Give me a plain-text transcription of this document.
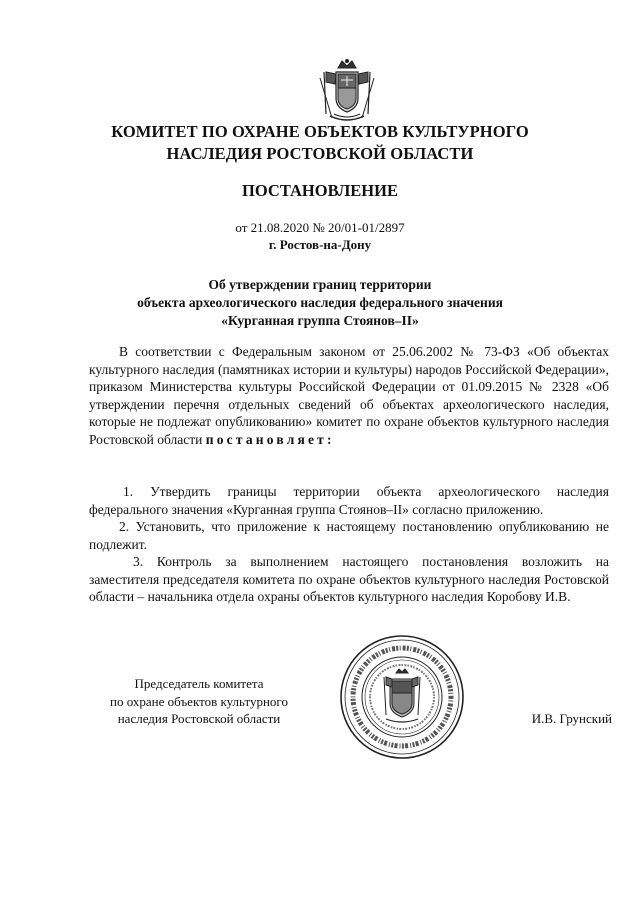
КОМИТЕТ ПО ОХРАНЕ ОБЪЕКТОВ КУЛЬТУРНОГО
НАСЛЕДИЯ РОСТОВСКОЙ ОБЛАСТИ
ПОСТАНОВЛЕНИЕ
от 21.08.2020 № 20/01-01/2897
г. Ростов-на-Дону
Об утверждении границ территории
объекта археологического наследия федерального значения
«Курганная группа Стоянов–II»
В соответствии с Федеральным законом от 25.06.2002 № 73-ФЗ «Об объектах культурного наследия (памятниках истории и культуры) народов Российской Федерации», приказом Министерства культуры Российской Федерации от 01.09.2015 № 2328 «Об утверждении перечня отдельных сведений об объектах археологического наследия, которые не подлежат опубликованию» комитет по охране объектов культурного наследия Ростовской области постановляет:

1. Утвердить границы территории объекта археологического наследия федерального значения «Курганная группа Стоянов–II» согласно приложению.

2. Установить, что приложение к настоящему постановлению опубликованию не подлежит.

3. Контроль за выполнением настоящего постановления возложить на заместителя председателя комитета по охране объектов культурного наследия Ростовской области – начальника отдела охраны объектов культурного наследия Коробову И.В.

Председатель комитета
по охране объектов культурного
наследия Ростовской области	И.В. Грунский
